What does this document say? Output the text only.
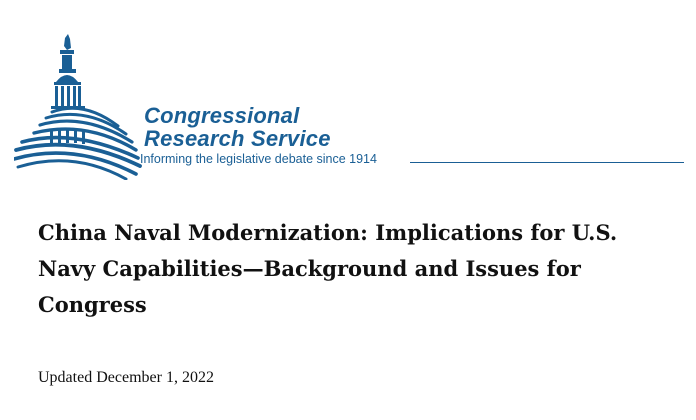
Congressional
Research Service
Informing the legislative debate since 1914
China Naval Modernization: Implications for U.S. Navy Capabilities—Background and Issues for Congress
Updated December 1, 2022
